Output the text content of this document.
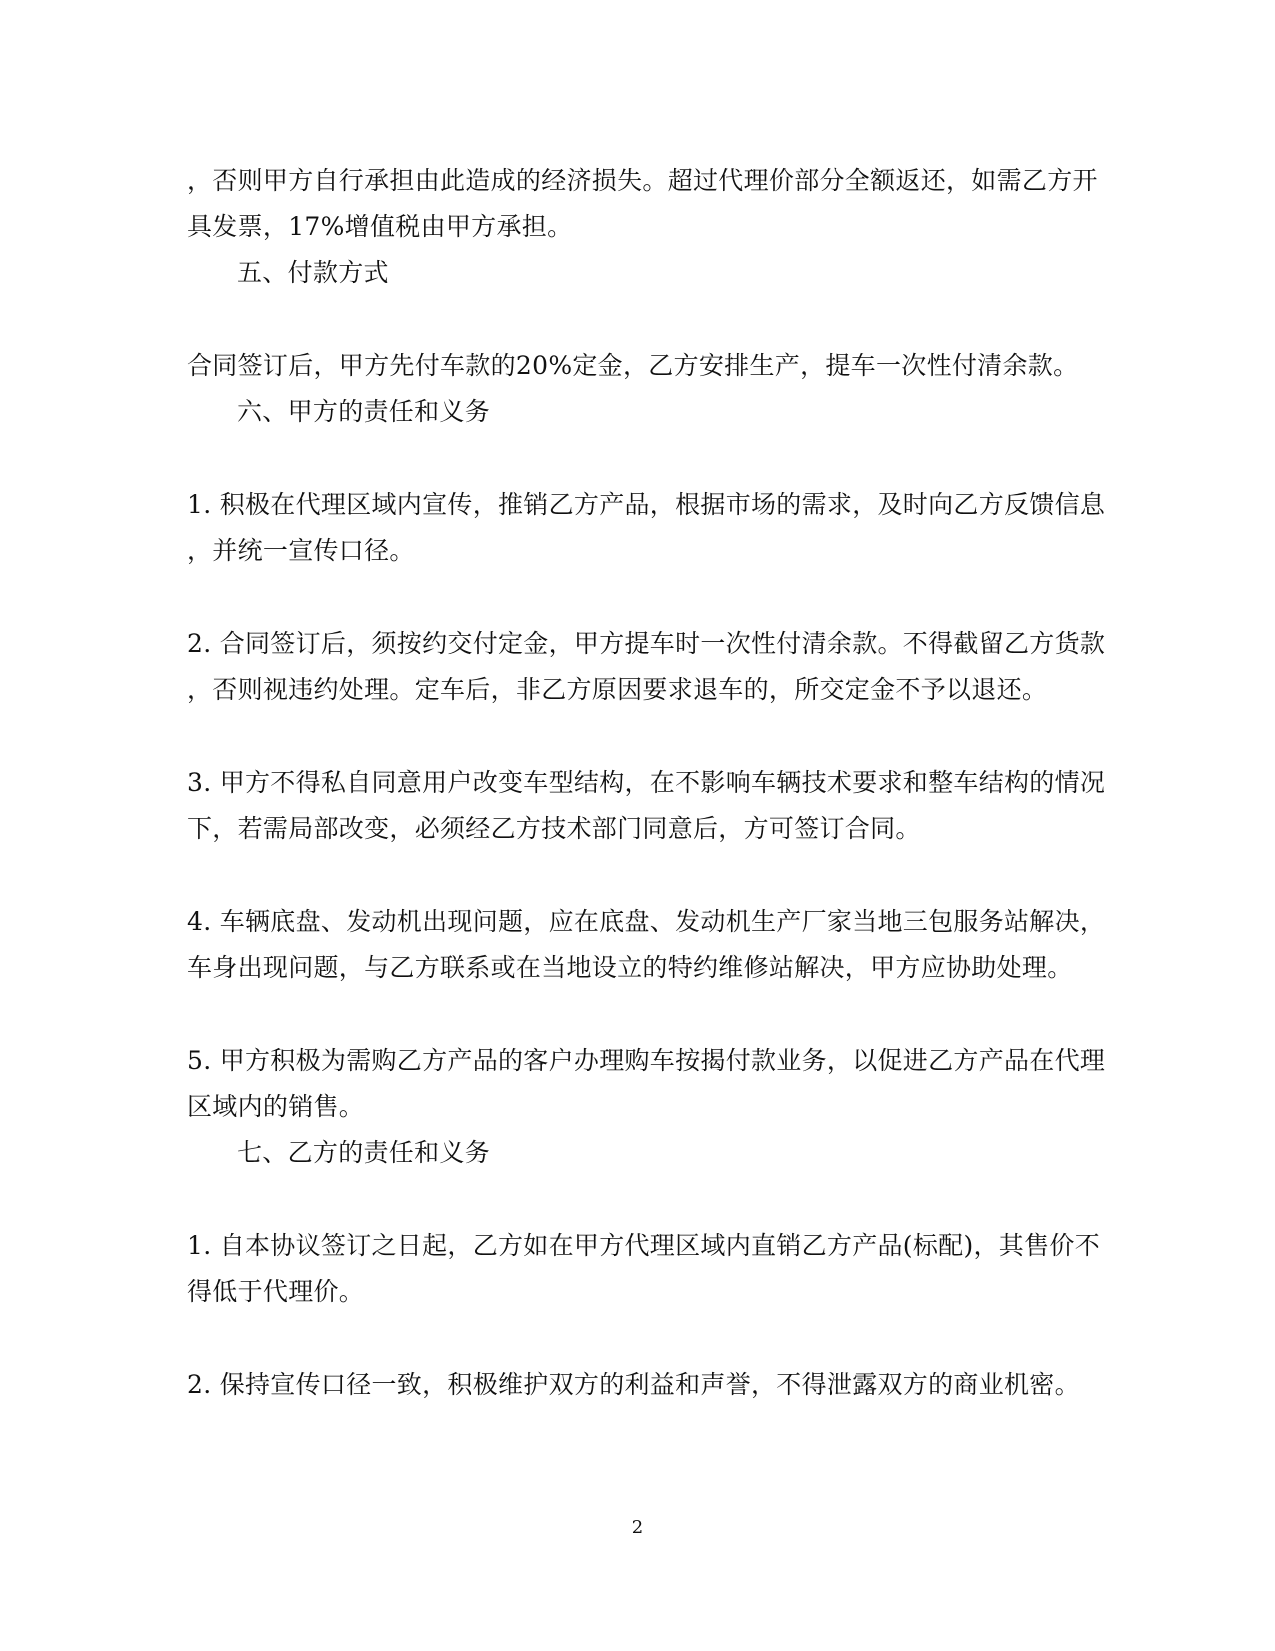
，否则甲方自行承担由此造成的经济损失。超过代理价部分全额返还，如需乙方开
具发票，17%增值税由甲方承担。
五、付款方式
合同签订后，甲方先付车款的20%定金，乙方安排生产，提车一次性付清余款。
六、甲方的责任和义务
1. 积极在代理区域内宣传，推销乙方产品，根据市场的需求，及时向乙方反馈信息
，并统一宣传口径。
2. 合同签订后，须按约交付定金，甲方提车时一次性付清余款。不得截留乙方货款
，否则视违约处理。定车后，非乙方原因要求退车的，所交定金不予以退还。
3. 甲方不得私自同意用户改变车型结构，在不影响车辆技术要求和整车结构的情况
下，若需局部改变，必须经乙方技术部门同意后，方可签订合同。
4. 车辆底盘、发动机出现问题，应在底盘、发动机生产厂家当地三包服务站解决，
车身出现问题，与乙方联系或在当地设立的特约维修站解决，甲方应协助处理。
5. 甲方积极为需购乙方产品的客户办理购车按揭付款业务，以促进乙方产品在代理
区域内的销售。
七、乙方的责任和义务
1. 自本协议签订之日起，乙方如在甲方代理区域内直销乙方产品(标配)，其售价不
得低于代理价。
2. 保持宣传口径一致，积极维护双方的利益和声誉，不得泄露双方的商业机密。
2
